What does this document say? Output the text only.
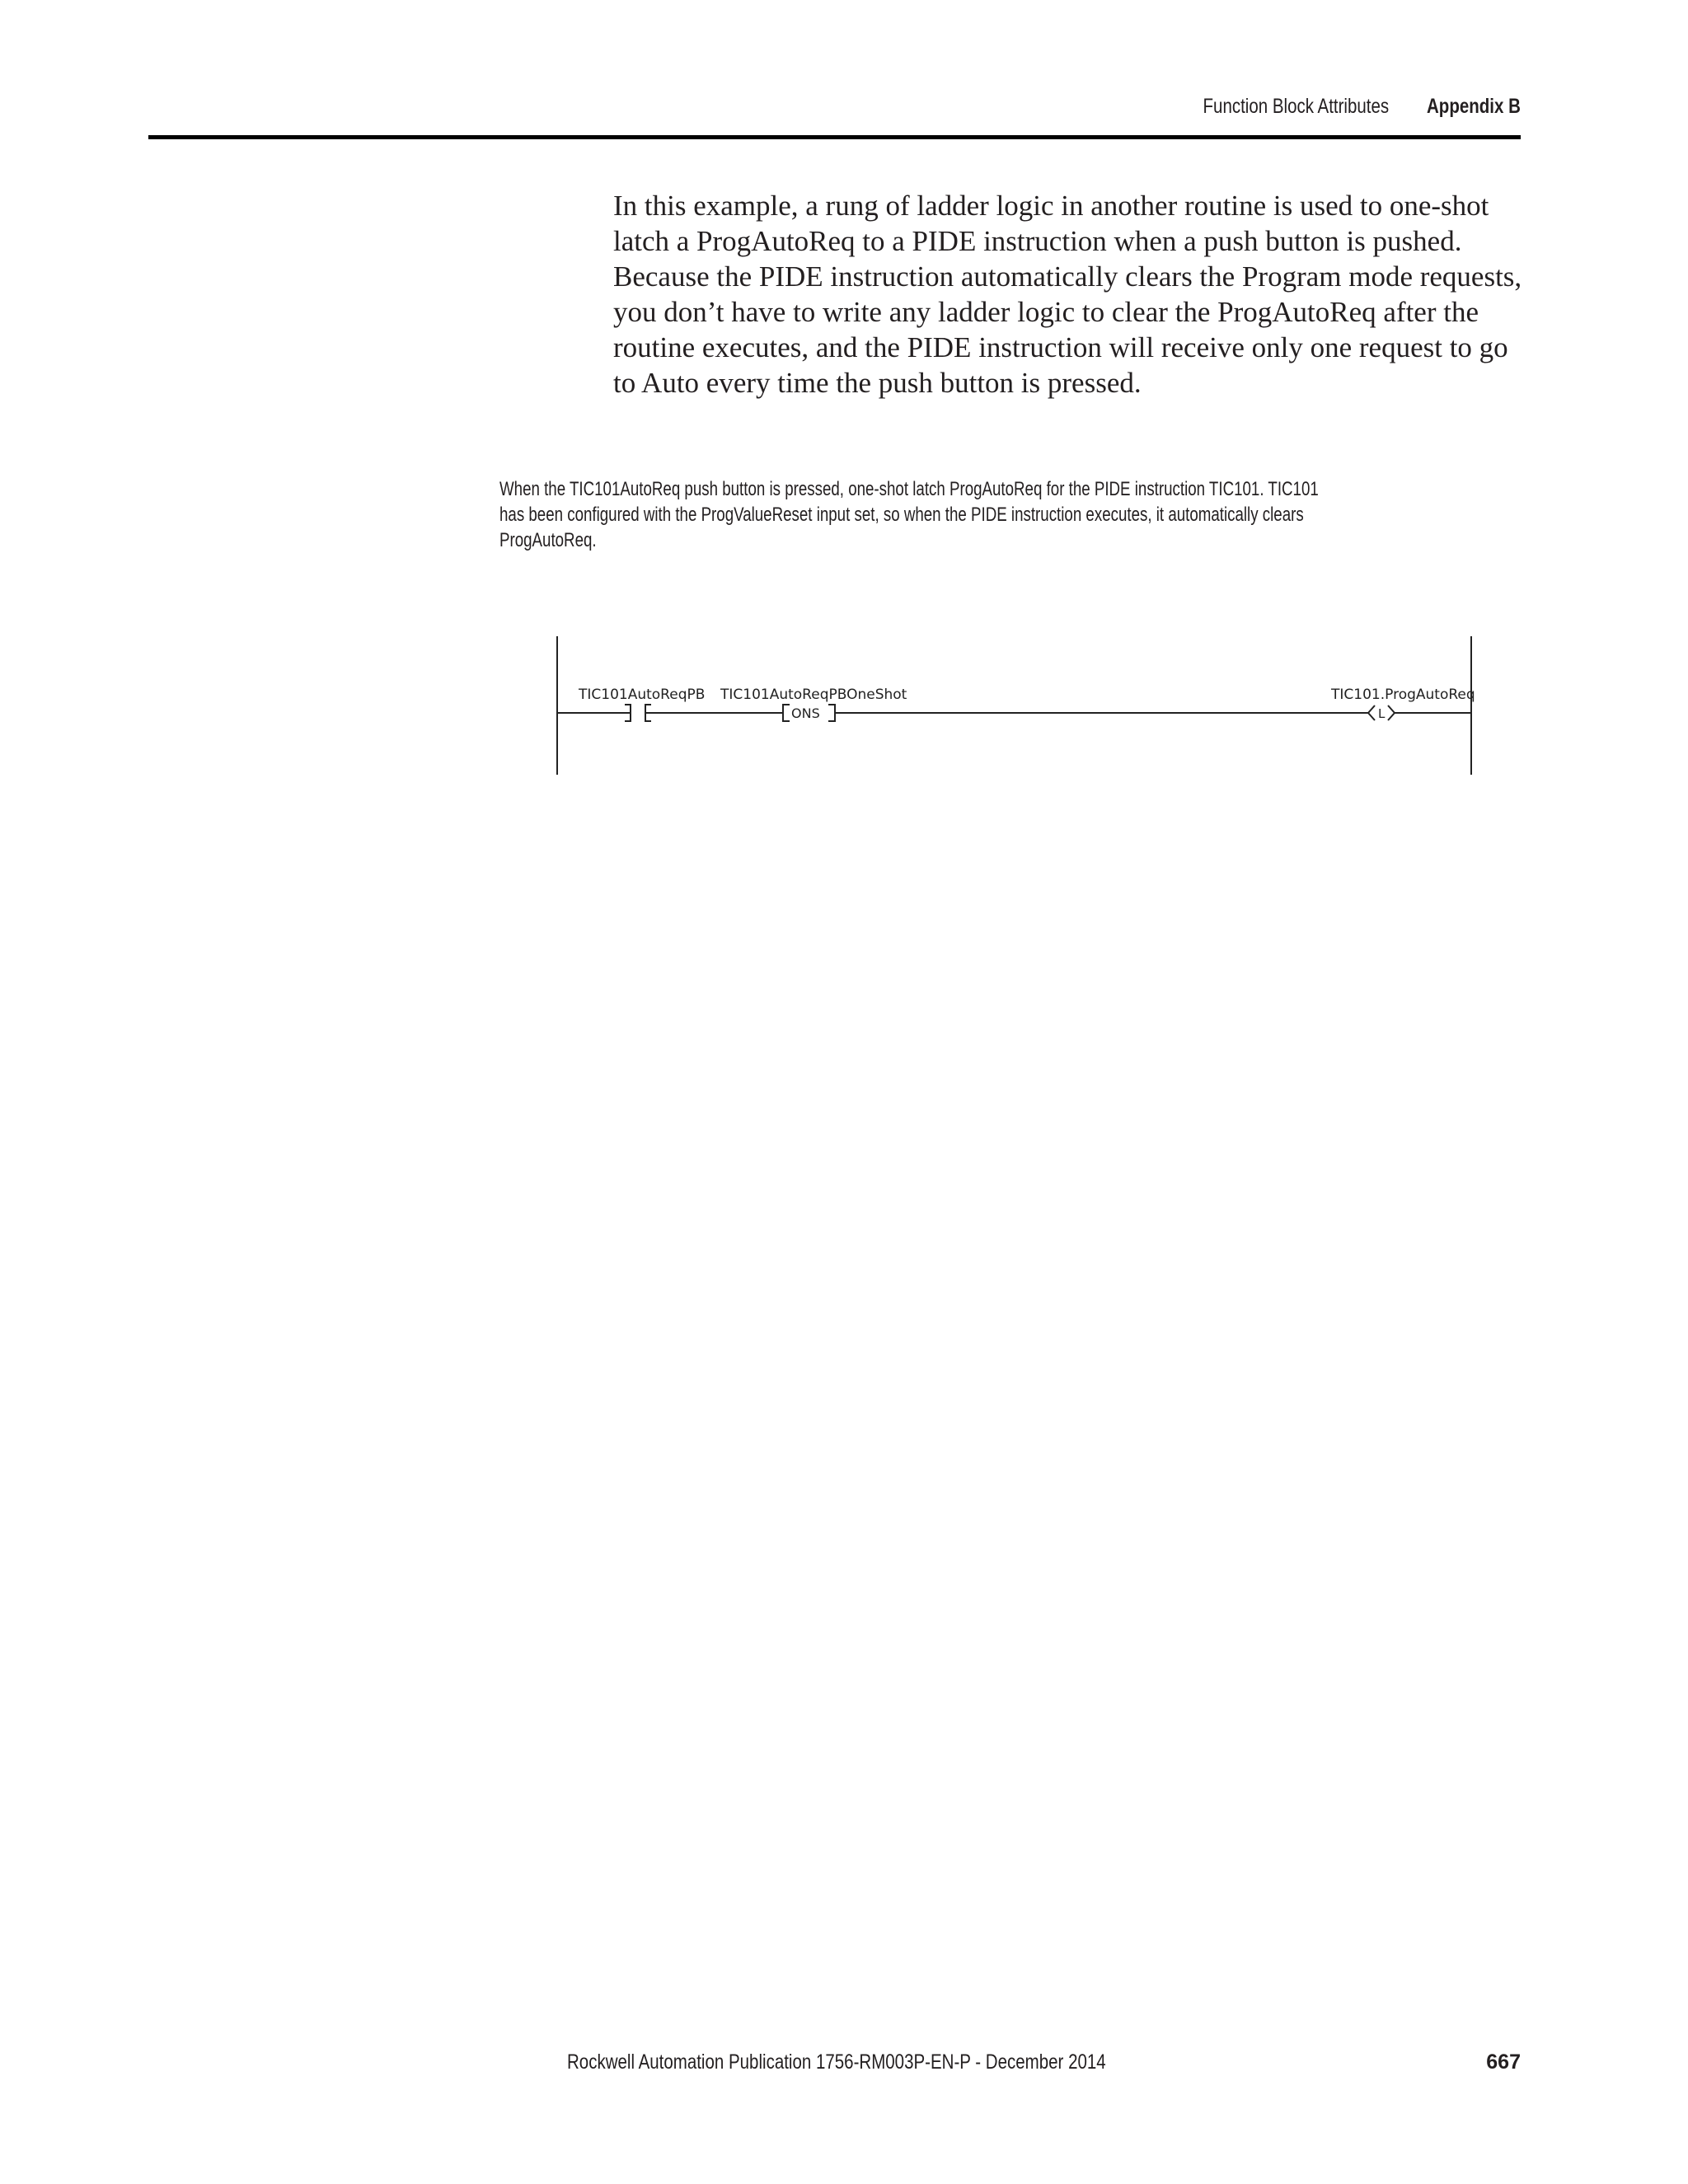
Function Block Attributes Appendix B

In this example, a rung of ladder logic in another routine is used to one-shot latch a ProgAutoReq to a PIDE instruction when a push button is pushed. Because the PIDE instruction automatically clears the Program mode requests, you don’t have to write any ladder logic to clear the ProgAutoReq after the routine executes, and the PIDE instruction will receive only one request to go to Auto every time the push button is pressed.

When the TIC101AutoReq push button is pressed, one-shot latch ProgAutoReq for the PIDE instruction TIC101. TIC101 has been configured with the ProgValueReset input set, so when the PIDE instruction executes, it automatically clears ProgAutoReq.

TIC101AutoReqPB TIC101AutoReqPBOneShot
ONS
TIC101.ProgAutoReq
L
Rockwell Automation Publication 1756-RM003P-EN-P - December 2014	667
